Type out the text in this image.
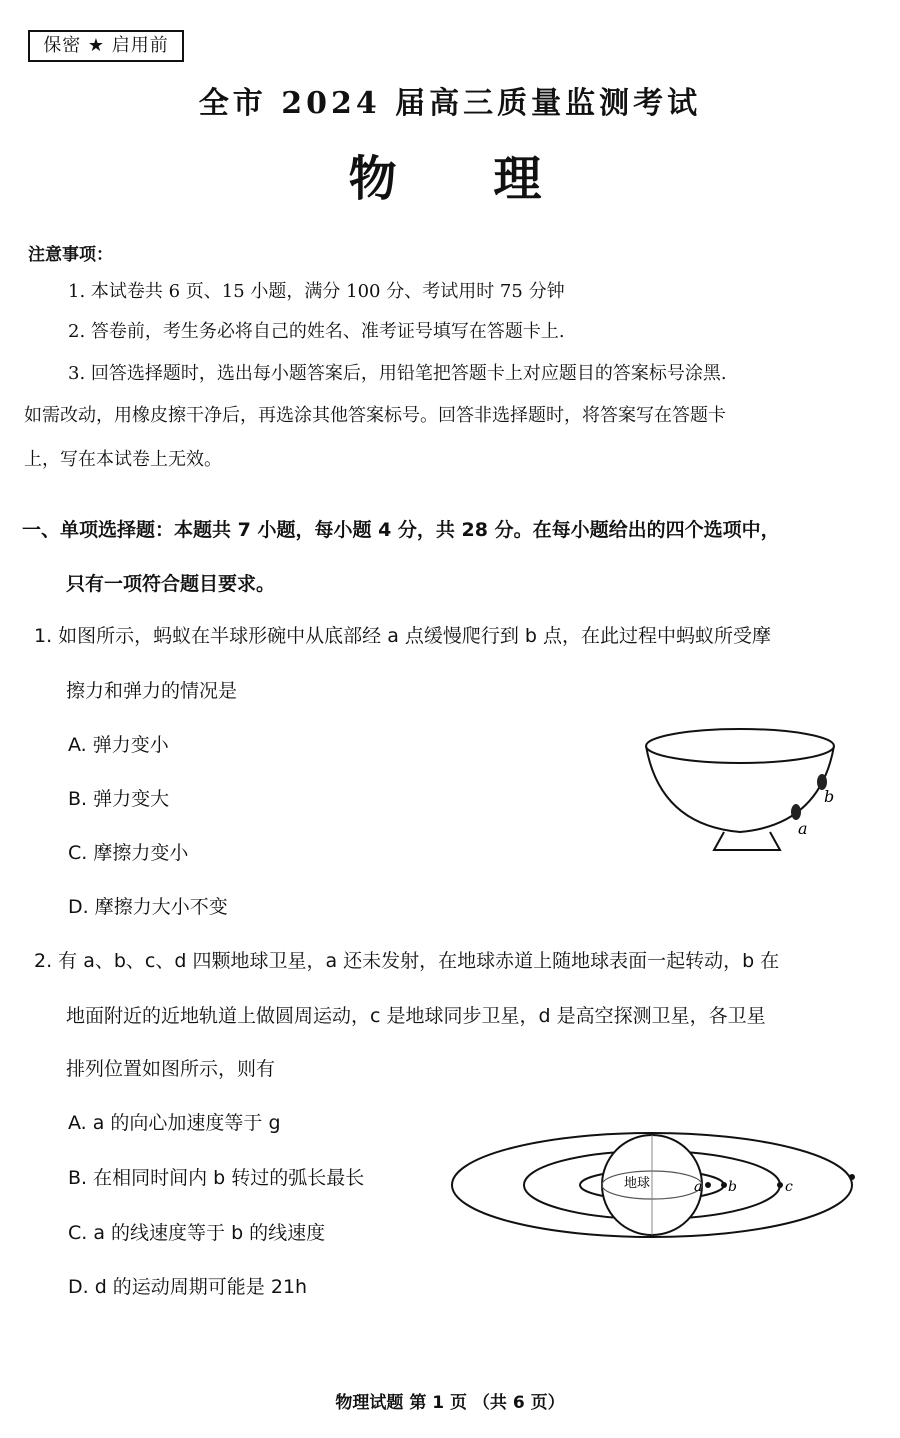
保密 ★ 启用前
全市 2024 届高三质量监测考试
物 理
注意事项：
1. 本试卷共 6 页、15 小题，满分 100 分、考试用时 75 分钟
2. 答卷前，考生务必将自己的姓名、准考证号填写在答题卡上.
3. 回答选择题时，选出每小题答案后，用铅笔把答题卡上对应题目的答案标号涂黑.
如需改动，用橡皮擦干净后，再选涂其他答案标号。回答非选择题时，将答案写在答题卡
上，写在本试卷上无效。
一、单项选择题：本题共 7 小题，每小题 4 分，共 28 分。在每小题给出的四个选项中，
只有一项符合题目要求。
1. 如图所示，蚂蚁在半球形碗中从底部经 a 点缓慢爬行到 b 点，在此过程中蚂蚁所受摩
擦力和弹力的情况是
A. 弹力变小
B. 弹力变大
C. 摩擦力变小
D. 摩擦力大小不变
b
a
2. 有 a、b、c、d 四颗地球卫星，a 还未发射，在地球赤道上随地球表面一起转动，b 在
地面附近的近地轨道上做圆周运动，c 是地球同步卫星，d 是高空探测卫星，各卫星
排列位置如图所示，则有
A. a 的向心加速度等于 g
B. 在相同时间内 b 转过的弧长最长
C. a 的线速度等于 b 的线速度
D. d 的运动周期可能是 21h
地球	a b	c
物理试题 第 1 页 （共 6 页）
